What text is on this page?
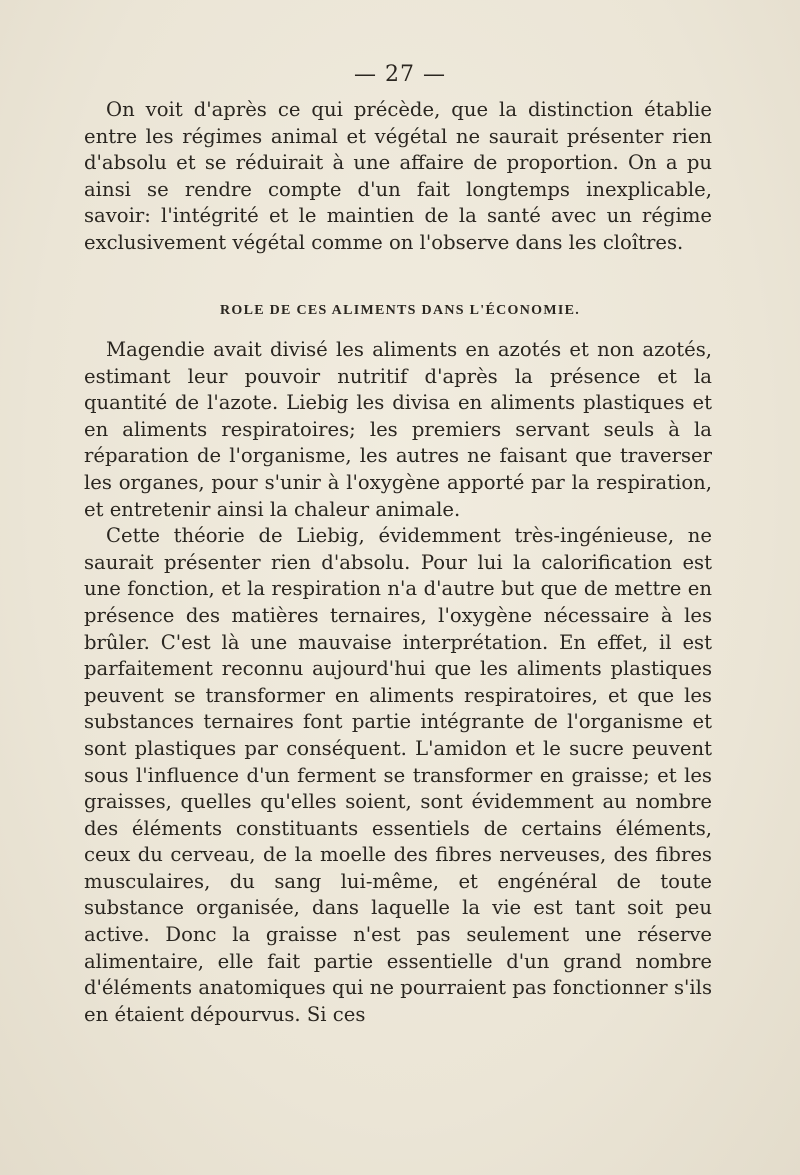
— 27 —

On voit d'après ce qui précède, que la distinction établie entre les régimes animal et végétal ne saurait présenter rien d'absolu et se réduirait à une affaire de proportion. On a pu ainsi se rendre compte d'un fait longtemps inexplicable, savoir: l'intégrité et le maintien de la santé avec un régime exclusivement végétal comme on l'observe dans les cloîtres.

ROLE DE CES ALIMENTS DANS L'ÉCONOMIE.

Magendie avait divisé les aliments en azotés et non azotés, estimant leur pouvoir nutritif d'après la présence et la quantité de l'azote. Liebig les divisa en aliments plastiques et en aliments respiratoires; les premiers servant seuls à la réparation de l'organisme, les autres ne faisant que traverser les organes, pour s'unir à l'oxygène apporté par la respiration, et entretenir ainsi la chaleur animale.

Cette théorie de Liebig, évidemment très-ingénieuse, ne saurait présenter rien d'absolu. Pour lui la calorification est une fonction, et la respiration n'a d'autre but que de mettre en présence des matières ternaires, l'oxygène nécessaire à les brûler. C'est là une mauvaise interprétation. En effet, il est parfaitement reconnu aujourd'hui que les aliments plastiques peuvent se transformer en aliments respiratoires, et que les substances ternaires font partie intégrante de l'organisme et sont plastiques par conséquent. L'amidon et le sucre peuvent sous l'influence d'un ferment se transformer en graisse; et les graisses, quelles qu'elles soient, sont évidemment au nombre des éléments constituants essentiels de certains éléments, ceux du cerveau, de la moelle des fibres nerveuses, des fibres musculaires, du sang lui-même, et engénéral de toute substance organisée, dans laquelle la vie est tant soit peu active. Donc la graisse n'est pas seulement une réserve alimentaire, elle fait partie essentielle d'un grand nombre d'éléments anatomiques qui ne pourraient pas fonctionner s'ils en étaient dépourvus. Si ces
